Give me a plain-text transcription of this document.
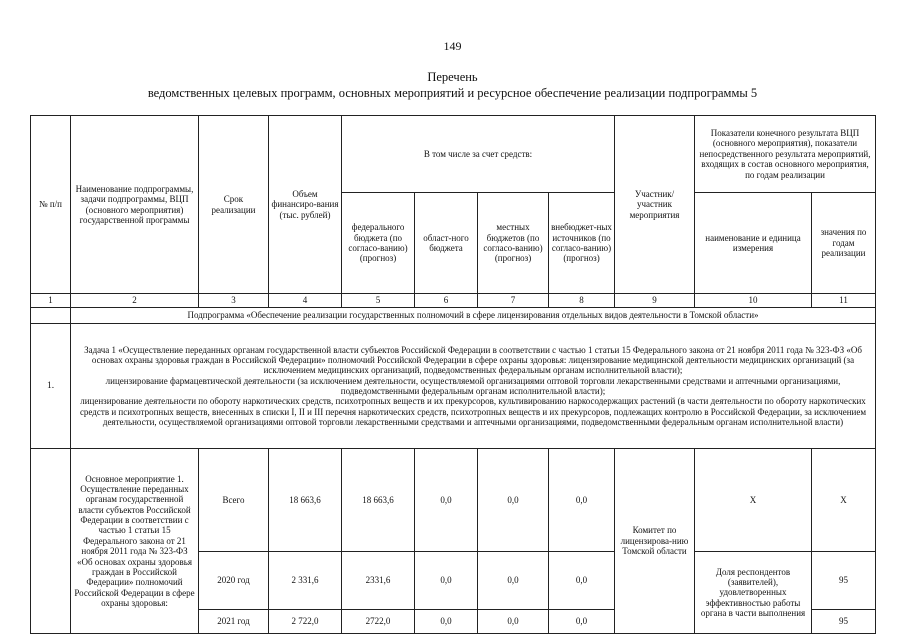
149
Перечень
ведомственных целевых программ, основных мероприятий и ресурсное обеспечение реализации подпрограммы 5
№ п/п	Наименование подпрограммы, задачи подпрограммы, ВЦП (основного мероприятия) государственной программы	Срок реализации	Объем финансиро-вания (тыс. рублей)	В том числе за счет средств:				Участник/ участник мероприятия	Показатели конечного результата ВЦП (основного мероприятия), показатели непосредственного результата мероприятий, входящих в состав основного мероприятия, по годам реализации	
				федерального бюджета (по согласо-ванию) (прогноз)	област-ного бюджета	местных бюджетов (по согласо-ванию) (прогноз)	внебюджет-ных источников (по согласо-ванию) (прогноз)		наименование и единица измерения	значения по годам реализации
1	2	3	4	5	6	7	8	9	10	11
	Подпрограмма «Обеспечение реализации государственных полномочий в сфере лицензирования отдельных видов деятельности в Томской области»									
1.	Задача 1 «Осуществление переданных органам государственной власти субъектов Российской Федерации в соответствии с частью 1 статьи 15 Федерального закона от 21 ноября 2011 года № 323-ФЗ «Об основах охраны здоровья граждан в Российской Федерации» полномочий Российской Федерации в сфере охраны здоровья: лицензирование медицинской деятельности медицинских организаций (за исключением медицинских организаций, подведомственных федеральным органам исполнительной власти);

лицензирование фармацевтической деятельности (за исключением деятельности, осуществляемой организациями оптовой торговли лекарственными средствами и аптечными организациями, подведомственными федеральным органам исполнительной власти);

лицензирование деятельности по обороту наркотических средств, психотропных веществ и их прекурсоров, культивированию наркосодержащих растений (в части деятельности по обороту наркотических средств и психотропных веществ, внесенных в списки I, II и III перечня наркотических средств, психотропных веществ и их прекурсоров, подлежащих контролю в Российской Федерации, за исключением деятельности, осуществляемой организациями оптовой торговли лекарственными средствами и аптечными организациями, подведомственными федеральным органам исполнительной власти)									

	Основное мероприятие 1. Осуществление переданных органам государственной власти субъектов Российской Федерации в соответствии с частью 1 статьи 15 Федерального закона от 21 ноября 2011 года № 323-ФЗ «Об основах охраны здоровья граждан в Российской Федерации» полномочий Российской Федерации в сфере охраны здоровья:	Всего	18 663,6	18 663,6	0,0	0,0	0,0	Комитет по лицензирова-нию Томской области	Х	Х
		2020 год	2 331,6	2331,6	0,0	0,0	0,0		Доля респондентов (заявителей), удовлетворенных эффективностью работы органа в части выполнения	95
		2021 год	2 722,0	2722,0	0,0	0,0	0,0			95
